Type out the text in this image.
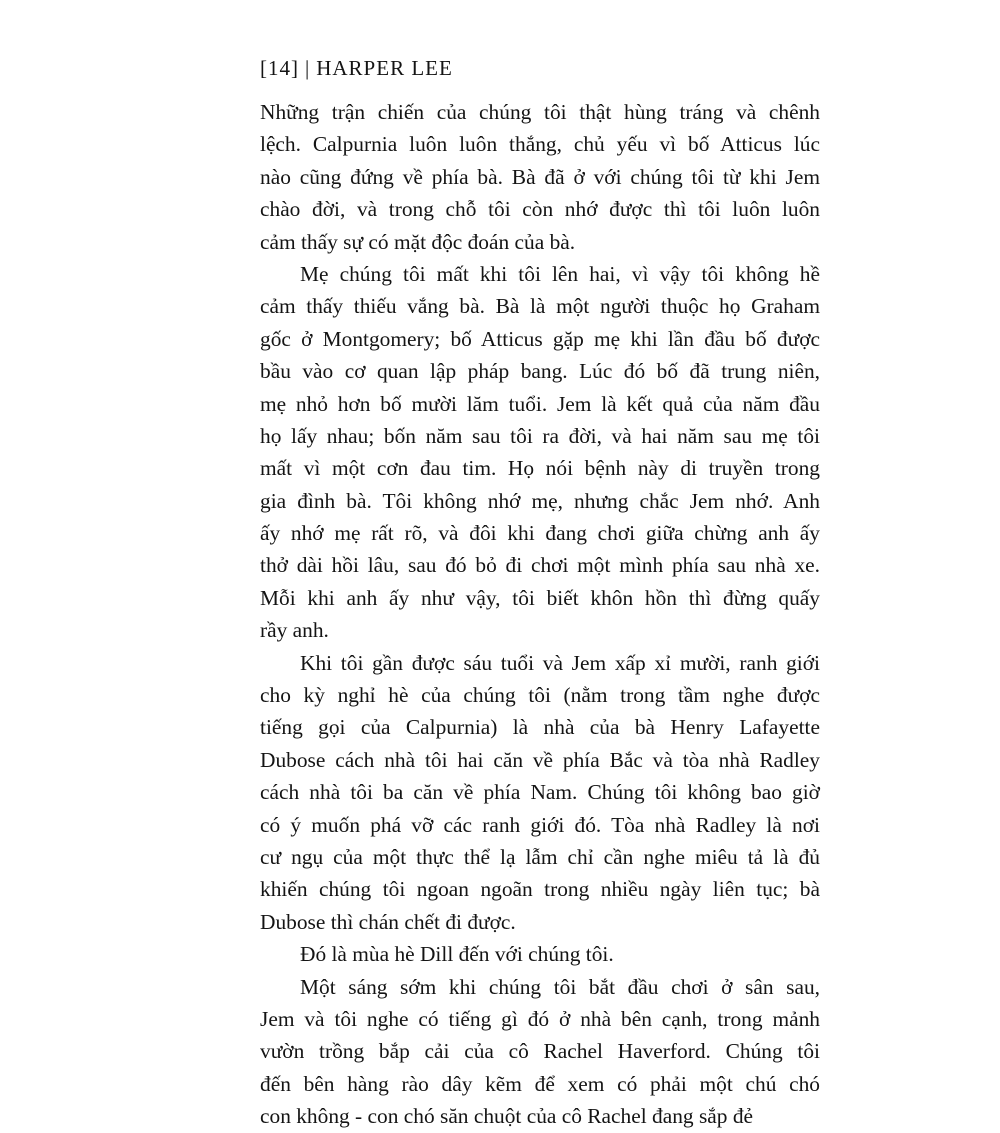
[14] | HARPER LEE
Những trận chiến của chúng tôi thật hùng tráng và chênh
lệch. Calpurnia luôn luôn thắng, chủ yếu vì bố Atticus lúc
nào cũng đứng về phía bà. Bà đã ở với chúng tôi từ khi Jem
chào đời, và trong chỗ tôi còn nhớ được thì tôi luôn luôn
cảm thấy sự có mặt độc đoán của bà.
Mẹ chúng tôi mất khi tôi lên hai, vì vậy tôi không hề
cảm thấy thiếu vắng bà. Bà là một người thuộc họ Graham
gốc ở Montgomery; bố Atticus gặp mẹ khi lần đầu bố được
bầu vào cơ quan lập pháp bang. Lúc đó bố đã trung niên,
mẹ nhỏ hơn bố mười lăm tuổi. Jem là kết quả của năm đầu
họ lấy nhau; bốn năm sau tôi ra đời, và hai năm sau mẹ tôi
mất vì một cơn đau tim. Họ nói bệnh này di truyền trong
gia đình bà. Tôi không nhớ mẹ, nhưng chắc Jem nhớ. Anh
ấy nhớ mẹ rất rõ, và đôi khi đang chơi giữa chừng anh ấy
thở dài hồi lâu, sau đó bỏ đi chơi một mình phía sau nhà xe.
Mỗi khi anh ấy như vậy, tôi biết khôn hồn thì đừng quấy
rầy anh.
Khi tôi gần được sáu tuổi và Jem xấp xỉ mười, ranh giới
cho kỳ nghỉ hè của chúng tôi (nằm trong tầm nghe được
tiếng gọi của Calpurnia) là nhà của bà Henry Lafayette
Dubose cách nhà tôi hai căn về phía Bắc và tòa nhà Radley
cách nhà tôi ba căn về phía Nam. Chúng tôi không bao giờ
có ý muốn phá vỡ các ranh giới đó. Tòa nhà Radley là nơi
cư ngụ của một thực thể lạ lẫm chỉ cần nghe miêu tả là đủ
khiến chúng tôi ngoan ngoãn trong nhiều ngày liên tục; bà
Dubose thì chán chết đi được.
Đó là mùa hè Dill đến với chúng tôi.
Một sáng sớm khi chúng tôi bắt đầu chơi ở sân sau,
Jem và tôi nghe có tiếng gì đó ở nhà bên cạnh, trong mảnh
vườn trồng bắp cải của cô Rachel Haverford. Chúng tôi
đến bên hàng rào dây kẽm để xem có phải một chú chó
con không - con chó săn chuột của cô Rachel đang sắp đẻ
